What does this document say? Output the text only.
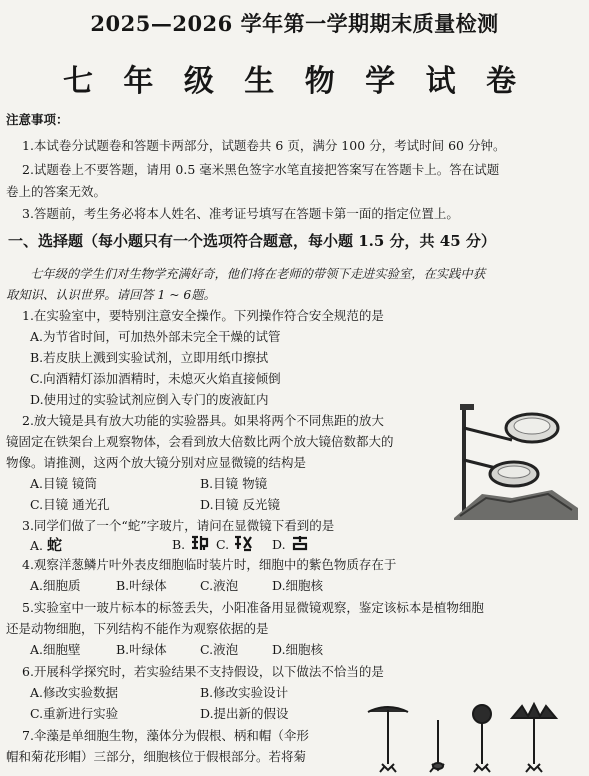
2025—2026 学年第一学期期末质量检测
七 年 级 生 物 学 试 卷
注意事项：
1.本试卷分试题卷和答题卡两部分，试题卷共 6 页，满分 100 分，考试时间 60 分钟。
2.试题卷上不要答题，请用 0.5 毫米黑色签字水笔直接把答案写在答题卡上。答在试题
卷上的答案无效。
3.答题前，考生务必将本人姓名、准考证号填写在答题卡第一面的指定位置上。
一、选择题（每小题只有一个选项符合题意，每小题 1.5 分，共 45 分）
七年级的学生们对生物学充满好奇，他们将在老师的带领下走进实验室，在实践中获
取知识、认识世界。请回答 1 ~ 6题。
1.在实验室中，要特别注意安全操作。下列操作符合安全规范的是
A.为节省时间，可加热外部未完全干燥的试管
B.若皮肤上溅到实验试剂，立即用纸巾擦拭
C.向酒精灯添加酒精时，未熄灭火焰直接倾倒
D.使用过的实验试剂应倒入专门的废液缸内
2.放大镜是具有放大功能的实验器具。如果将两个不同焦距的放大
镜固定在铁架台上观察物体，会看到放大倍数比两个放大镜倍数都大的
物像。请推测，这两个放大镜分别对应显微镜的结构是
A.目镜 镜筒	B.目镜 物镜
C.目镜 通光孔	D.目镜 反光镜
3.同学们做了一个“蛇”字玻片，请问在显微镜下看到的是
A. 蛇	B.	C.	D.
4.观察洋葱鳞片叶外表皮细胞临时装片时，细胞中的紫色物质存在于
A.细胞质	B.叶绿体	C.液泡	D.细胞核
5.实验室中一玻片标本的标签丢失，小阳准备用显微镜观察，鉴定该标本是植物细胞
还是动物细胞，下列结构不能作为观察依据的是
A.细胞壁	B.叶绿体	C.液泡	D.细胞核
6.开展科学探究时，若实验结果不支持假设，以下做法不恰当的是
A.修改实验数据	B.修改实验设计
C.重新进行实验	D.提出新的假设
7.伞藻是单细胞生物，藻体分为假根、柄和帽（伞形
帽和菊花形帽）三部分，细胞核位于假根部分。若将菊
